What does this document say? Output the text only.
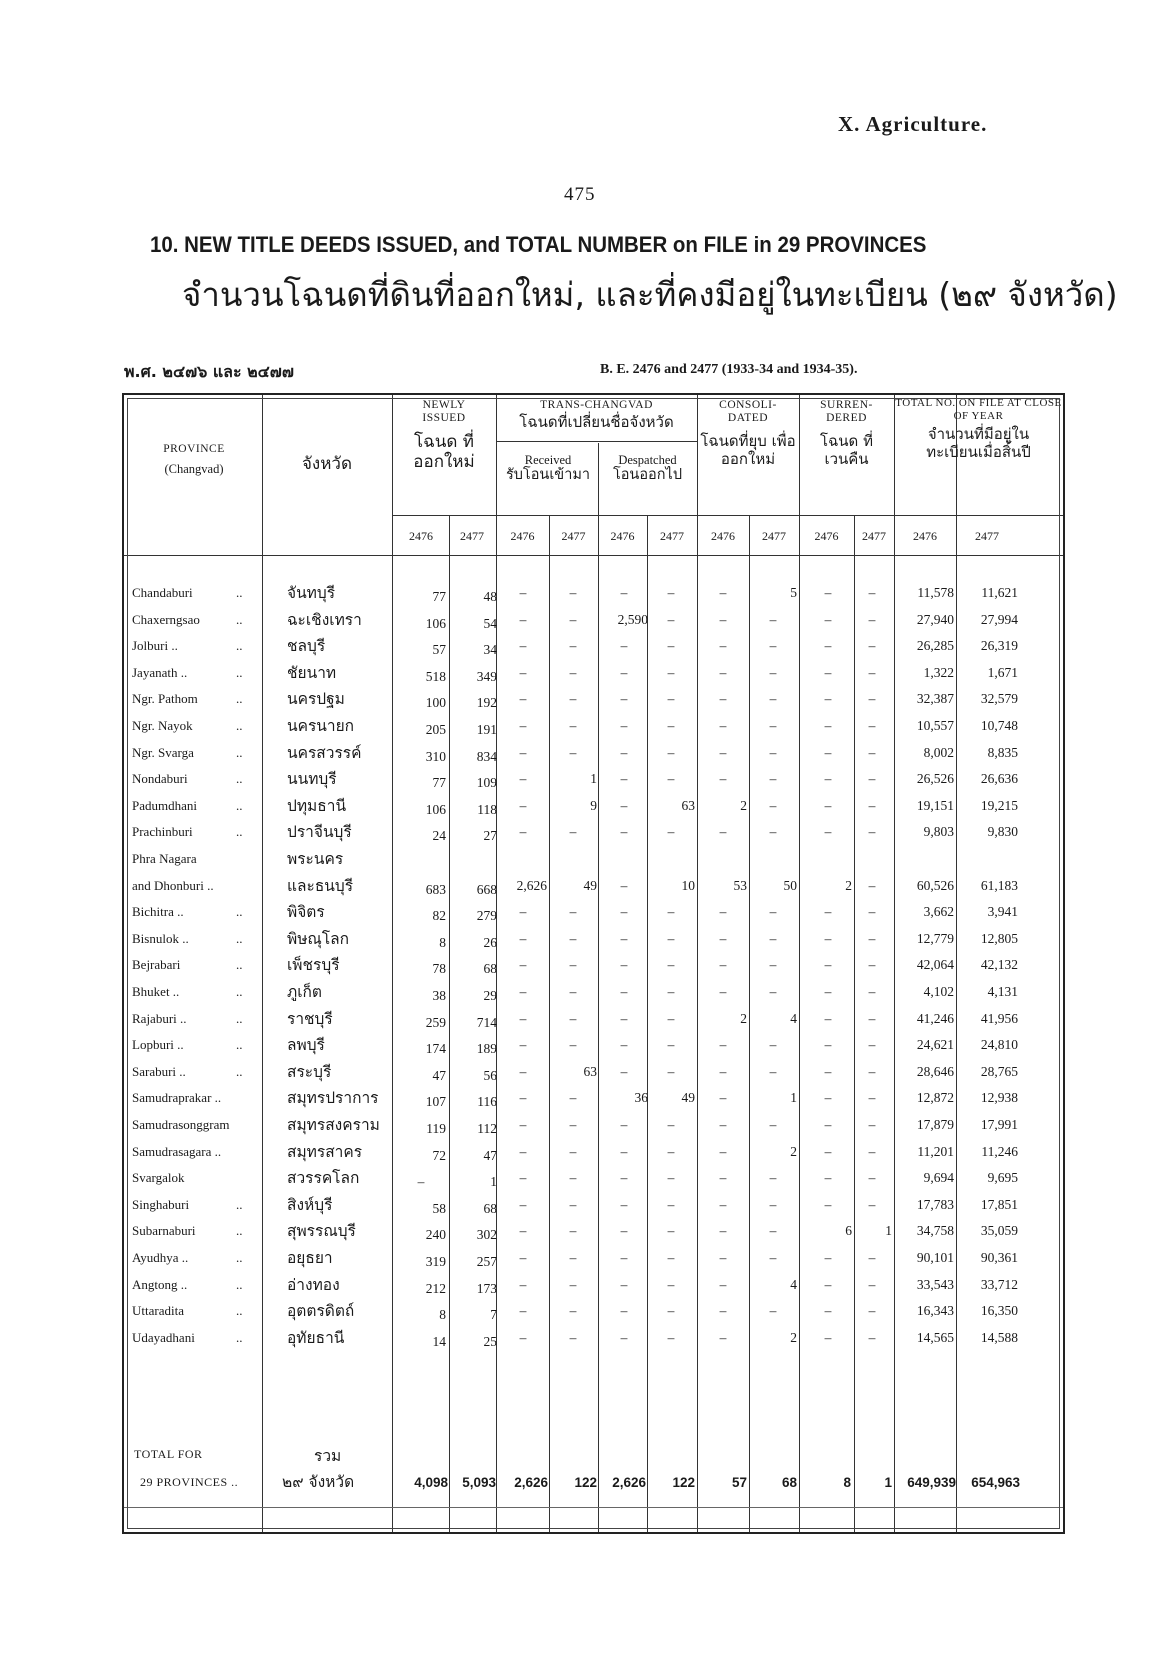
X. Agriculture.
475
10. NEW TITLE DEEDS ISSUED, and TOTAL NUMBER on FILE in 29 PROVINCES
จำนวนโฉนดที่ดินที่ออกใหม่, และที่คงมีอยู่ในทะเบียน (๒๙ จังหวัด)
พ.ศ. ๒๔๗๖ และ ๒๔๗๗	B. E. 2476 and 2477 (1933-34 and 1934-35).
PROVINCE
(Changvad)	จังหวัด
NEWLY ISSUED
โฉนด ที่ออกใหม่
TRANS-CHANGVAD
โฉนดที่เปลี่ยนชื่อจังหวัด
Received
รับโอนเข้ามา
Despatched
โอนออกไป
CONSOLI- DATED
โฉนดที่ยุบ เพื่อ ออกใหม่
SURREN- DERED
โฉนด ที่เวนคืน
TOTAL NO. ON FILE AT CLOSE OF YEAR
จำนวนที่มีอยู่ใน ทะเบียนเมื่อสิ้นปี
2476	2477	2476	2477	2476	2477	2476	2477	2476	2477	2476	2477
Chandaburi	..	จันทบุรี	77	48	–	–	–	–	–	5	–	–	11,578	11,621
Chaxerngsao	..	ฉะเชิงเทรา	106	54	–	–	2,590	–	–	–	–	–	27,940	27,994
Jolburi ..	..	ชลบุรี	57	34	–	–	–	–	–	–	–	–	26,285	26,319
Jayanath ..	..	ชัยนาท	518	349	–	–	–	–	–	–	–	–	1,322	1,671
Ngr. Pathom	..	นครปฐม	100	192	–	–	–	–	–	–	–	–	32,387	32,579
Ngr. Nayok	..	นครนายก	205	191	–	–	–	–	–	–	–	–	10,557	10,748
Ngr. Svarga	..	นครสวรรค์	310	834	–	–	–	–	–	–	–	–	8,002	8,835
Nondaburi	..	นนทบุรี	77	109	–	1	–	–	–	–	–	–	26,526	26,636
Padumdhani	..	ปทุมธานี	106	118	–	9	–	63	2	–	–	–	19,151	19,215
Prachinburi	..	ปราจีนบุรี	24	27	–	–	–	–	–	–	–	–	9,803	9,830
Phra Nagara	พระนคร
and Dhonburi ..	และธนบุรี	683	668	2,626	49	–	10	53	50	2	–	60,526	61,183
Bichitra ..	..	พิจิตร	82	279	–	–	–	–	–	–	–	–	3,662	3,941
Bisnulok ..	..	พิษณุโลก	8	26	–	–	–	–	–	–	–	–	12,779	12,805
Bejrabari	..	เพ็ชรบุรี	78	68	–	–	–	–	–	–	–	–	42,064	42,132
Bhuket ..	..	ภูเก็ต	38	29	–	–	–	–	–	–	–	–	4,102	4,131
Rajaburi ..	..	ราชบุรี	259	714	–	–	–	–	2	4	–	–	41,246	41,956
Lopburi ..	..	ลพบุรี	174	189	–	–	–	–	–	–	–	–	24,621	24,810
Saraburi ..	..	สระบุรี	47	56	–	63	–	–	–	–	–	–	28,646	28,765
Samudraprakar ..	สมุทรปราการ	107	116	–	–	36	49	–	1	–	–	12,872	12,938
Samudrasonggram	สมุทรสงคราม	119	112	–	–	–	–	–	–	–	–	17,879	17,991
Samudrasagara ..	สมุทรสาคร	72	47	–	–	–	–	–	2	–	–	11,201	11,246
Svargalok	สวรรคโลก	–	1	–	–	–	–	–	–	–	–	9,694	9,695
Singhaburi	..	สิงห์บุรี	58	68	–	–	–	–	–	–	–	–	17,783	17,851
Subarnaburi	..	สุพรรณบุรี	240	302	–	–	–	–	–	–	6	1	34,758	35,059
Ayudhya ..	..	อยุธยา	319	257	–	–	–	–	–	–	–	–	90,101	90,361
Angtong ..	..	อ่างทอง	212	173	–	–	–	–	–	4	–	–	33,543	33,712
Uttaradita	..	อุตตรดิตถ์	8	7	–	–	–	–	–	–	–	–	16,343	16,350
Udayadhani	..	อุทัยธานี	14	25	–	–	–	–	–	2	–	–	14,565	14,588
TOTAL FOR
29 PROVINCES ..
รวม
๒๙ จังหวัด	4,098	5,093	2,626	122	2,626	122	57	68	8	1	649,939	654,963
